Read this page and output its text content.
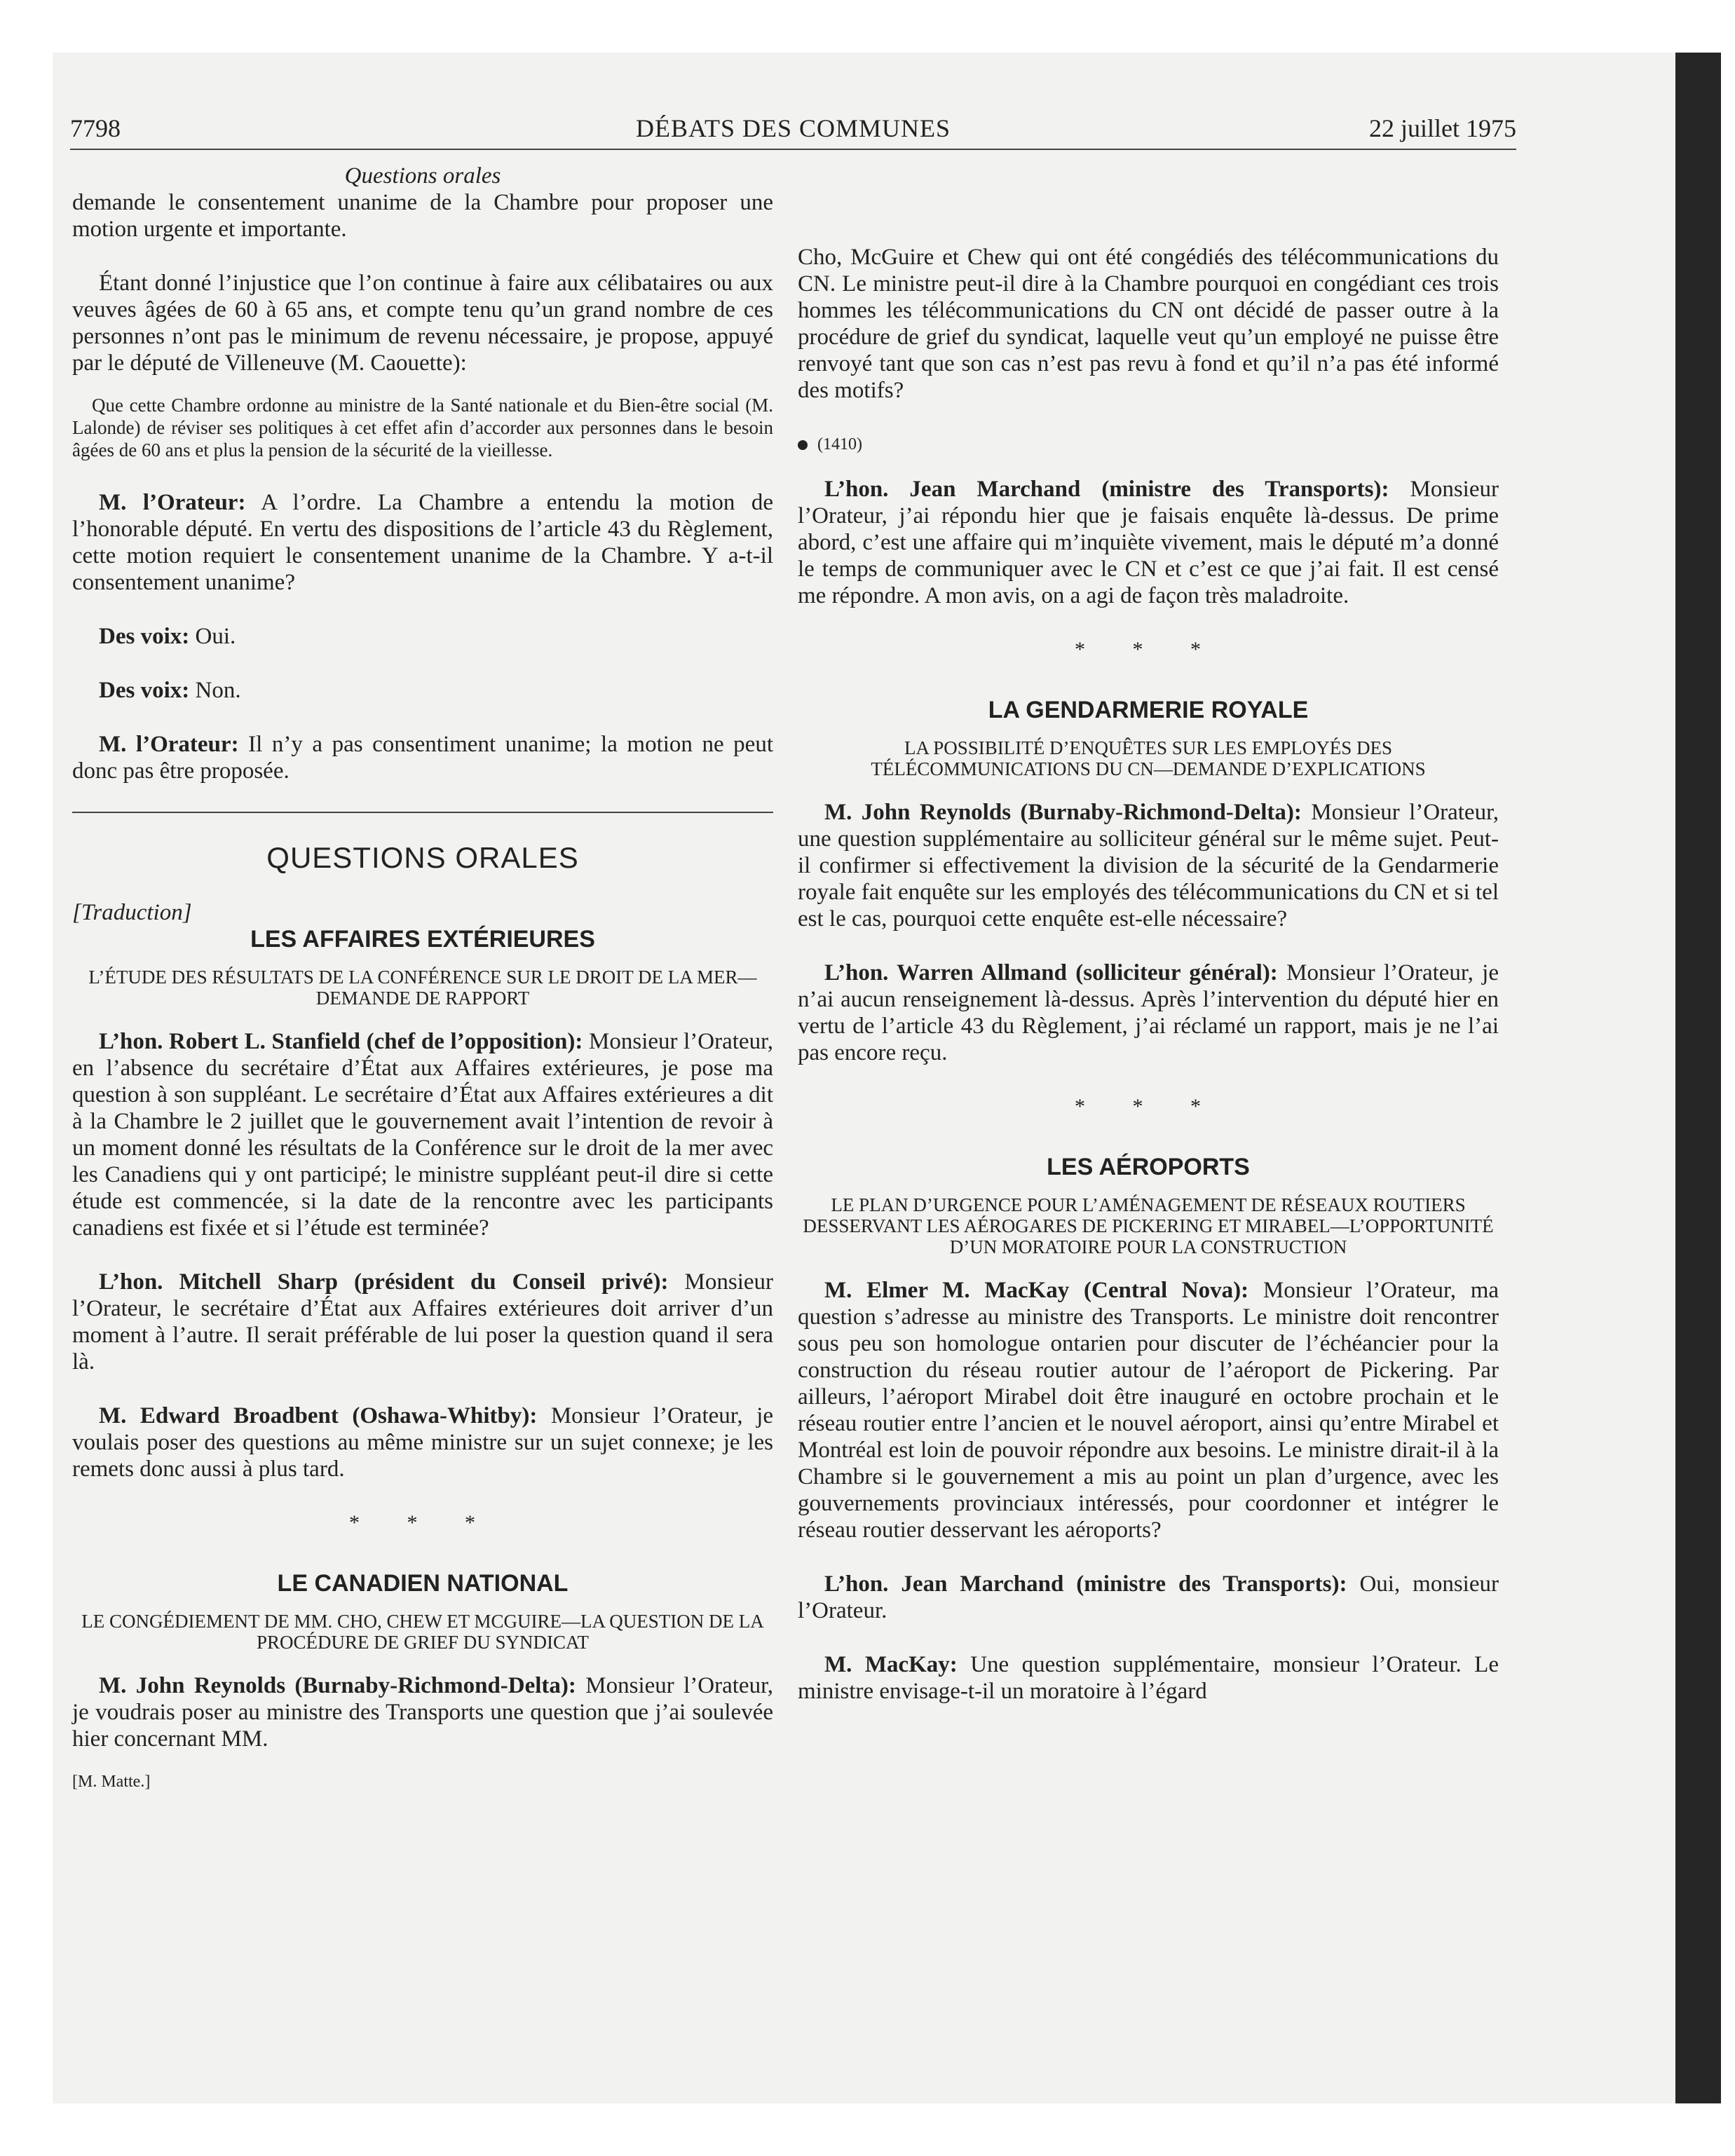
7798	DÉBATS DES COMMUNES	22 juillet 1975

Questions orales

demande le consentement unanime de la Chambre pour proposer une motion urgente et importante.

Étant donné l’injustice que l’on continue à faire aux célibataires ou aux veuves âgées de 60 à 65 ans, et compte tenu qu’un grand nombre de ces personnes n’ont pas le minimum de revenu nécessaire, je propose, appuyé par le député de Villeneuve (M. Caouette):

Que cette Chambre ordonne au ministre de la Santé nationale et du Bien-être social (M. Lalonde) de réviser ses politiques à cet effet afin d’accorder aux personnes dans le besoin âgées de 60 ans et plus la pension de la sécurité de la vieillesse.

M. l’Orateur: A l’ordre. La Chambre a entendu la motion de l’honorable député. En vertu des dispositions de l’article 43 du Règlement, cette motion requiert le consentement unanime de la Chambre. Y a-t-il consentement unanime?

Des voix: Oui.

Des voix: Non.

M. l’Orateur: Il n’y a pas consentiment unanime; la motion ne peut donc pas être proposée.

QUESTIONS ORALES

[Traduction]

LES AFFAIRES EXTÉRIEURES

L’ÉTUDE DES RÉSULTATS DE LA CONFÉRENCE SUR LE DROIT DE LA MER—DEMANDE DE RAPPORT

L’hon. Robert L. Stanfield (chef de l’opposition): Monsieur l’Orateur, en l’absence du secrétaire d’État aux Affaires extérieures, je pose ma question à son suppléant. Le secrétaire d’État aux Affaires extérieures a dit à la Chambre le 2 juillet que le gouvernement avait l’intention de revoir à un moment donné les résultats de la Conférence sur le droit de la mer avec les Canadiens qui y ont participé; le ministre suppléant peut-il dire si cette étude est commencée, si la date de la rencontre avec les participants canadiens est fixée et si l’étude est terminée?

L’hon. Mitchell Sharp (président du Conseil privé): Monsieur l’Orateur, le secrétaire d’État aux Affaires extérieures doit arriver d’un moment à l’autre. Il serait préférable de lui poser la question quand il sera là.

M. Edward Broadbent (Oshawa-Whitby): Monsieur l’Orateur, je voulais poser des questions au même ministre sur un sujet connexe; je les remets donc aussi à plus tard.

* * *

LE CANADIEN NATIONAL

LE CONGÉDIEMENT DE MM. CHO, CHEW ET MCGUIRE—LA QUESTION DE LA PROCÉDURE DE GRIEF DU SYNDICAT

M. John Reynolds (Burnaby-Richmond-Delta): Monsieur l’Orateur, je voudrais poser au ministre des Transports une question que j’ai soulevée hier concernant MM.

[M. Matte.]

Cho, McGuire et Chew qui ont été congédiés des télécommunications du CN. Le ministre peut-il dire à la Chambre pourquoi en congédiant ces trois hommes les télécommunications du CN ont décidé de passer outre à la procédure de grief du syndicat, laquelle veut qu’un employé ne puisse être renvoyé tant que son cas n’est pas revu à fond et qu’il n’a pas été informé des motifs?

(1410)

L’hon. Jean Marchand (ministre des Transports): Monsieur l’Orateur, j’ai répondu hier que je faisais enquête là-dessus. De prime abord, c’est une affaire qui m’inquiète vivement, mais le député m’a donné le temps de communiquer avec le CN et c’est ce que j’ai fait. Il est censé me répondre. A mon avis, on a agi de façon très maladroite.

* * *

LA GENDARMERIE ROYALE

LA POSSIBILITÉ D’ENQUÊTES SUR LES EMPLOYÉS DES TÉLÉCOMMUNICATIONS DU CN—DEMANDE D’EXPLICATIONS

M. John Reynolds (Burnaby-Richmond-Delta): Monsieur l’Orateur, une question supplémentaire au solliciteur général sur le même sujet. Peut-il confirmer si effectivement la division de la sécurité de la Gendarmerie royale fait enquête sur les employés des télécommunications du CN et si tel est le cas, pourquoi cette enquête est-elle nécessaire?

L’hon. Warren Allmand (solliciteur général): Monsieur l’Orateur, je n’ai aucun renseignement là-dessus. Après l’intervention du député hier en vertu de l’article 43 du Règlement, j’ai réclamé un rapport, mais je ne l’ai pas encore reçu.

* * *

LES AÉROPORTS

LE PLAN D’URGENCE POUR L’AMÉNAGEMENT DE RÉSEAUX ROUTIERS DESSERVANT LES AÉROGARES DE PICKERING ET MIRABEL—L’OPPORTUNITÉ D’UN MORATOIRE POUR LA CONSTRUCTION

M. Elmer M. MacKay (Central Nova): Monsieur l’Orateur, ma question s’adresse au ministre des Transports. Le ministre doit rencontrer sous peu son homologue ontarien pour discuter de l’échéancier pour la construction du réseau routier autour de l’aéroport de Pickering. Par ailleurs, l’aéroport Mirabel doit être inauguré en octobre prochain et le réseau routier entre l’ancien et le nouvel aéroport, ainsi qu’entre Mirabel et Montréal est loin de pouvoir répondre aux besoins. Le ministre dirait-il à la Chambre si le gouvernement a mis au point un plan d’urgence, avec les gouvernements provinciaux intéressés, pour coordonner et intégrer le réseau routier desservant les aéroports?

L’hon. Jean Marchand (ministre des Transports): Oui, monsieur l’Orateur.

M. MacKay: Une question supplémentaire, monsieur l’Orateur. Le ministre envisage-t-il un moratoire à l’égard
